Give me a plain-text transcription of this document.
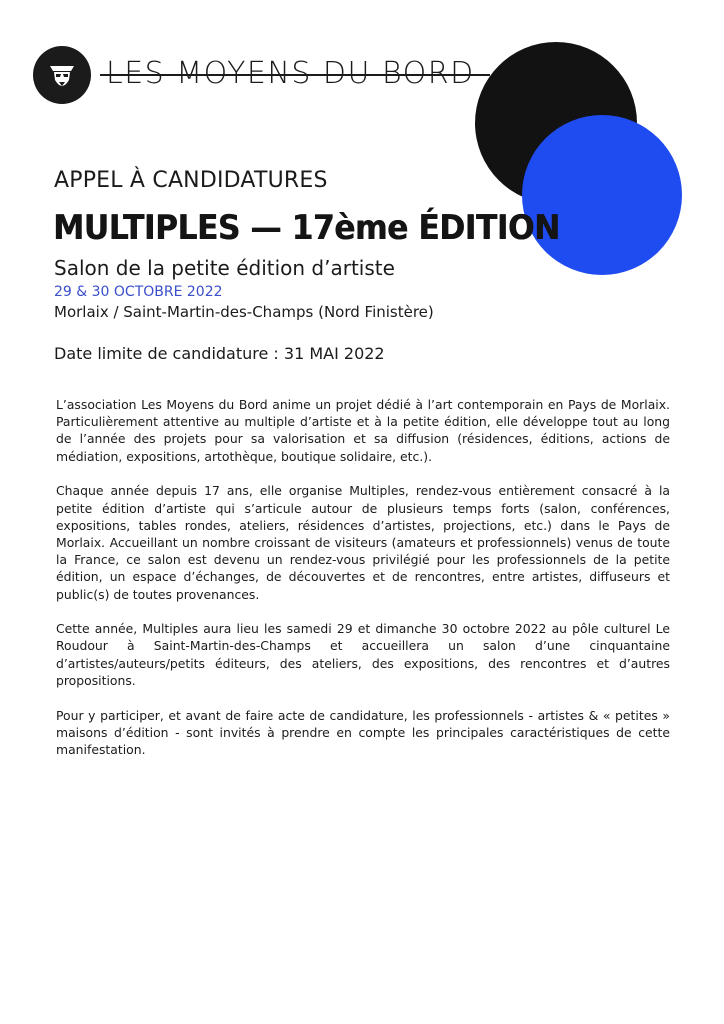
LES MOYENS DU BORD
APPEL À CANDIDATURES
MULTIPLES — 17ème ÉDITION
Salon de la petite édition d’artiste
29 & 30 OCTOBRE 2022
Morlaix / Saint-Martin-des-Champs (Nord Finistère)
Date limite de candidature : 31 MAI 2022

L’association Les Moyens du Bord anime un projet dédié à l’art contemporain en Pays de Morlaix. Particulièrement attentive au multiple d’artiste et à la petite édition, elle développe tout au long de l’année des projets pour sa valorisation et sa diffusion (résidences, éditions, actions de médiation, expositions, artothèque, boutique solidaire, etc.).

Chaque année depuis 17 ans, elle organise Multiples, rendez-vous entièrement consacré à la petite édition d’artiste qui s’articule autour de plusieurs temps forts (salon, conférences, expositions, tables rondes, ateliers, résidences d’artistes, projections, etc.) dans le Pays de Morlaix. Accueillant un nombre croissant de visiteurs (amateurs et professionnels) venus de toute la France, ce salon est devenu un rendez-vous privilégié pour les professionnels de la petite édition, un espace d’échanges, de découvertes et de rencontres, entre artistes, diffuseurs et public(s) de toutes provenances.

Cette année, Multiples aura lieu les samedi 29 et dimanche 30 octobre 2022 au pôle culturel Le Roudour à Saint-Martin-des-Champs et accueillera un salon d’une cinquantaine d’artistes/auteurs/petits éditeurs, des ateliers, des expositions, des rencontres et d’autres propositions.

Pour y participer, et avant de faire acte de candidature, les professionnels - artistes & « petites » maisons d’édition - sont invités à prendre en compte les principales caractéristiques de cette manifestation.
